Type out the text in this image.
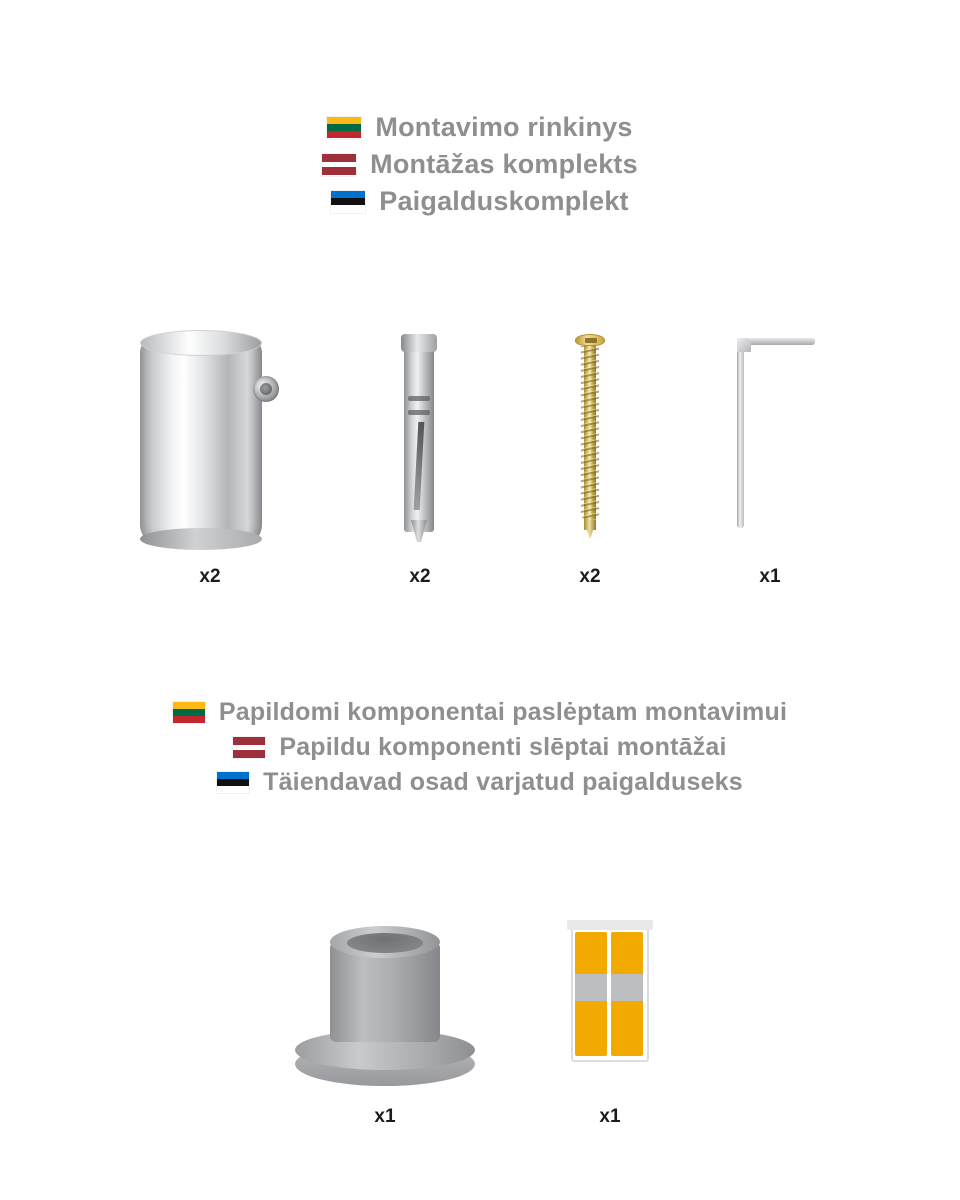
Montavimo rinkinys
Montāžas komplekts
Paigalduskomplekt
x2	x2	x2	x1
Papildomi komponentai paslėptam montavimui
Papildu komponenti slēptai montāžai
Täiendavad osad varjatud paigalduseks
x1	x1
